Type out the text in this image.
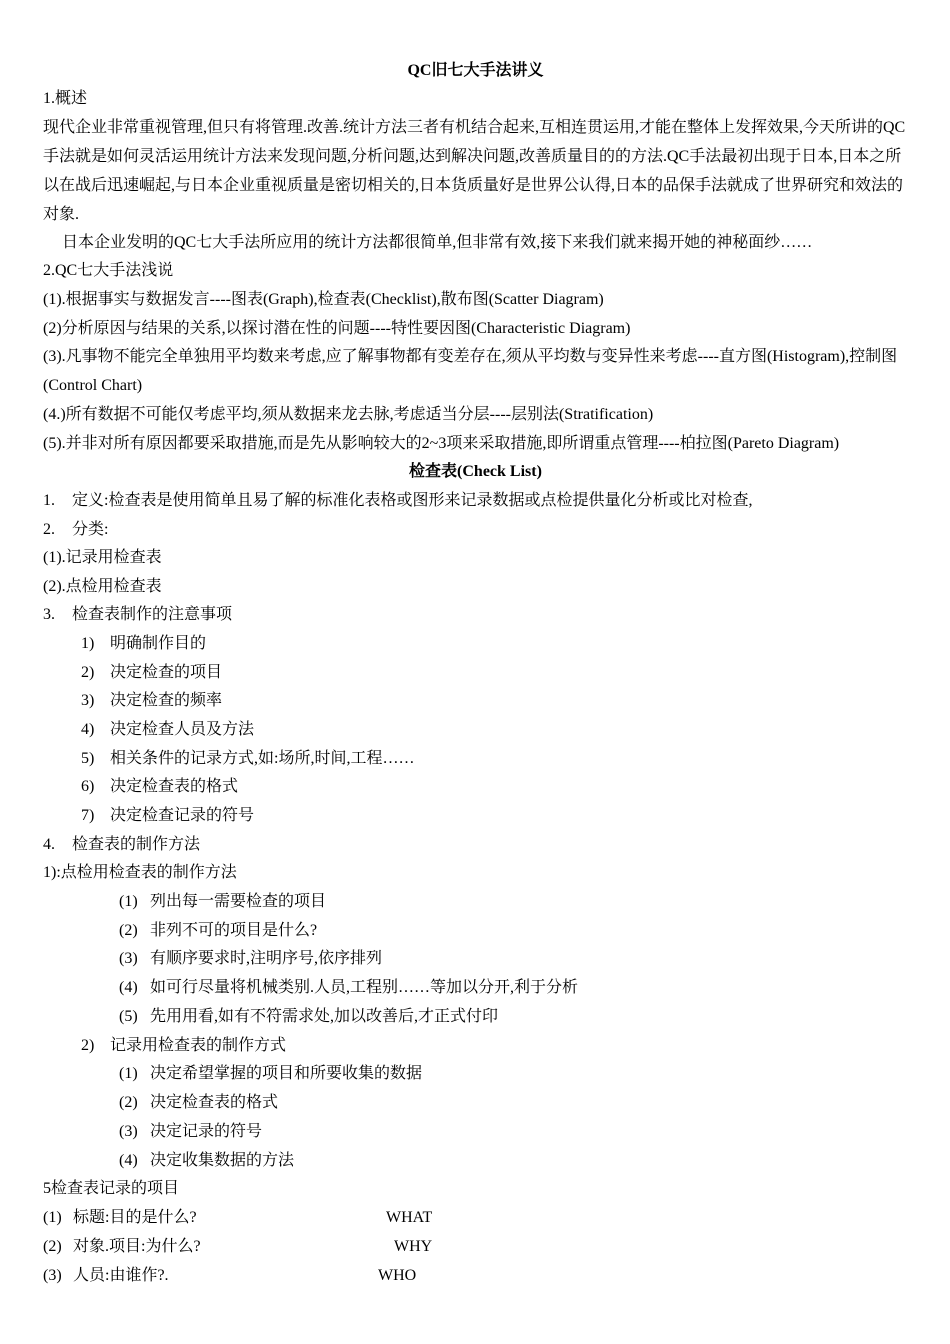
QC旧七大手法讲义
1.概述
现代企业非常重视管理,但只有将管理.改善.统计方法三者有机结合起来,互相连贯运用,才能在整体上发挥效果,今天所讲的QC手法就是如何灵活运用统计方法来发现问题,分析问题,达到解决问题,改善质量目的的方法.QC手法最初出现于日本,日本之所以在战后迅速崛起,与日本企业重视质量是密切相关的,日本货质量好是世界公认得,日本的品保手法就成了世界研究和效法的对象.
日本企业发明的QC七大手法所应用的统计方法都很简单,但非常有效,接下来我们就来揭开她的神秘面纱……
2.QC七大手法浅说
(1).根据事实与数据发言----图表(Graph),检查表(Checklist),散布图(Scatter Diagram)
(2)分析原因与结果的关系,以探讨潜在性的问题----特性要因图(Characteristic Diagram)
(3).凡事物不能完全单独用平均数来考虑,应了解事物都有变差存在,须从平均数与变异性来考虑----直方图(Histogram),控制图(Control Chart)
(4.)所有数据不可能仅考虑平均,须从数据来龙去脉,考虑适当分层----层别法(Stratification)
(5).并非对所有原因都要采取措施,而是先从影响较大的2~3项来采取措施,即所谓重点管理----柏拉图(Pareto Diagram)
检查表(Check List)
1. 定义:检查表是使用简单且易了解的标准化表格或图形来记录数据或点检提供量化分析或比对检查,
2. 分类:
(1).记录用检查表
(2).点检用检查表
3. 检查表制作的注意事项
1) 明确制作目的
2) 决定检查的项目
3) 决定检查的频率
4) 决定检查人员及方法
5) 相关条件的记录方式,如:场所,时间,工程……
6) 决定检查表的格式
7) 决定检查记录的符号
4. 检查表的制作方法
1):点检用检查表的制作方法
(1) 列出每一需要检查的项目
(2) 非列不可的项目是什么?
(3) 有顺序要求时,注明序号,依序排列
(4) 如可行尽量将机械类别.人员,工程别……等加以分开,利于分析
(5) 先用用看,如有不符需求处,加以改善后,才正式付印
2) 记录用检查表的制作方式
(1) 决定希望掌握的项目和所要收集的数据
(2) 决定检查表的格式
(3) 决定记录的符号
(4) 决定收集数据的方法
5检查表记录的项目
(1) 标题:目的是什么?	WHAT
(2) 对象.项目:为什么?	WHY
(3) 人员:由谁作?.	WHO
